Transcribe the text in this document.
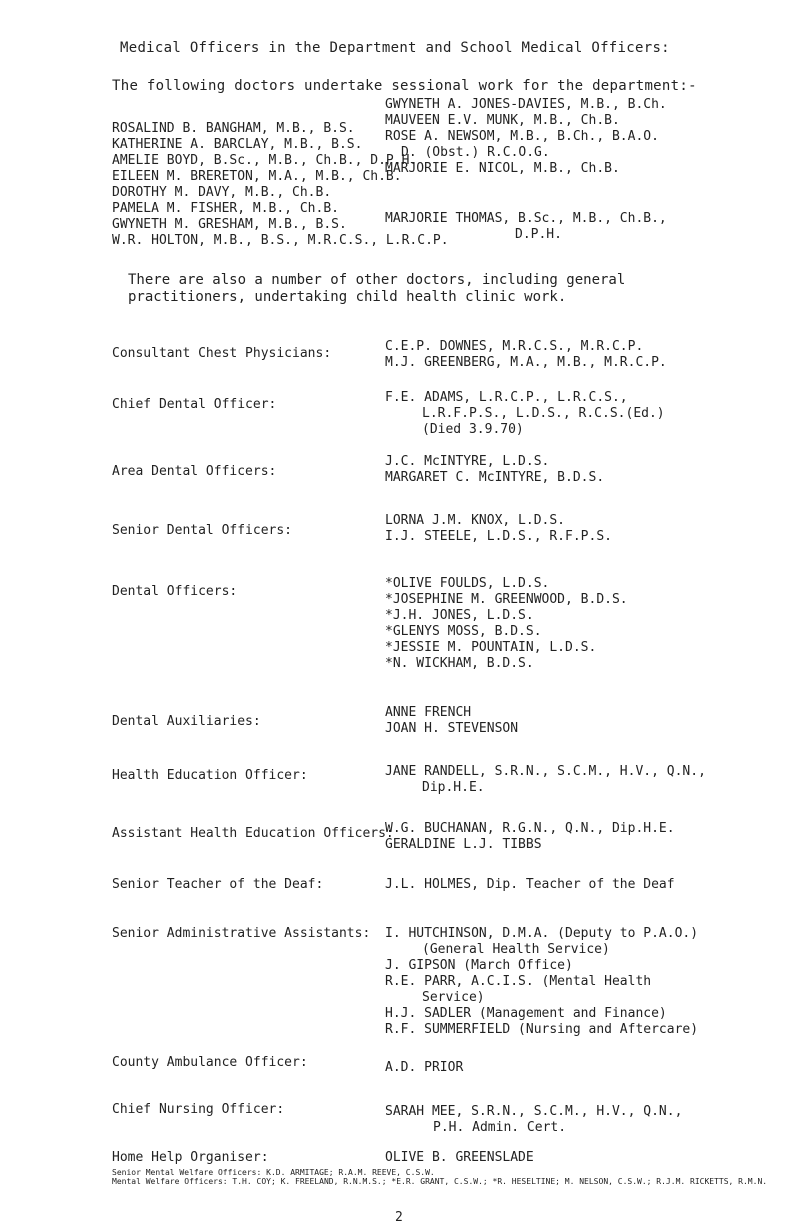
Medical Officers in the Department and School Medical Officers:
The following doctors undertake sessional work for the department:-
ROSALIND B. BANGHAM, M.B., B.S.
KATHERINE A. BARCLAY, M.B., B.S.
AMELIE BOYD, B.Sc., M.B., Ch.B., D.P.H.
EILEEN M. BRERETON, M.A., M.B., Ch.B.
DOROTHY M. DAVY, M.B., Ch.B.
PAMELA M. FISHER, M.B., Ch.B.
GWYNETH M. GRESHAM, M.B., B.S.
W.R. HOLTON, M.B., B.S., M.R.C.S., L.R.C.P.
GWYNETH A. JONES-DAVIES, M.B., B.Ch.
MAUVEEN E.V. MUNK, M.B., Ch.B.
ROSE A. NEWSOM, M.B., B.Ch., B.A.O.
D. (Obst.) R.C.O.G.
MARJORIE E. NICOL, M.B., Ch.B.
MARJORIE THOMAS, B.Sc., M.B., Ch.B.,
D.P.H.
There are also a number of other doctors, including general
practitioners, undertaking child health clinic work.
Consultant Chest Physicians:	C.E.P. DOWNES, M.R.C.S., M.R.C.P.
M.J. GREENBERG, M.A., M.B., M.R.C.P.
Chief Dental Officer:	F.E. ADAMS, L.R.C.P., L.R.C.S.,
L.R.F.P.S., L.D.S., R.C.S.(Ed.)
(Died 3.9.70)
Area Dental Officers:
J.C. McINTYRE, L.D.S.
MARGARET C. McINTYRE, B.D.S.
Senior Dental Officers:
LORNA J.M. KNOX, L.D.S.
I.J. STEELE, L.D.S., R.F.P.S.
Dental Officers:
*OLIVE FOULDS, L.D.S.
*JOSEPHINE M. GREENWOOD, B.D.S.
*J.H. JONES, L.D.S.
*GLENYS MOSS, B.D.S.
*JESSIE M. POUNTAIN, L.D.S.
*N. WICKHAM, B.D.S.
Dental Auxiliaries:
ANNE FRENCH
JOAN H. STEVENSON
Health Education Officer:	JANE RANDELL, S.R.N., S.C.M., H.V., Q.N.,
Dip.H.E.
Assistant Health Education Officers:
W.G. BUCHANAN, R.G.N., Q.N., Dip.H.E.
GERALDINE L.J. TIBBS
Senior Teacher of the Deaf:	J.L. HOLMES, Dip. Teacher of the Deaf
Senior Administrative Assistants: I. HUTCHINSON, D.M.A. (Deputy to P.A.O.)
(General Health Service)
J. GIPSON (March Office)
R.E. PARR, A.C.I.S. (Mental Health
Service)
H.J. SADLER (Management and Finance)
R.F. SUMMERFIELD (Nursing and Aftercare)
County Ambulance Officer:	A.D. PRIOR
Chief Nursing Officer:	SARAH MEE, S.R.N., S.C.M., H.V., Q.N.,
P.H. Admin. Cert.
Home Help Organiser:	OLIVE B. GREENSLADE
2
Senior Mental Welfare Officers: K.D. ARMITAGE; R.A.M. REEVE, C.S.W.
Mental Welfare Officers: T.H. COY; K. FREELAND, R.N.M.S.; *E.R. GRANT, C.S.W.; *R. HESELTINE; M. NELSON, C.S.W.; R.J.M. RICKETTS, R.M.N.
